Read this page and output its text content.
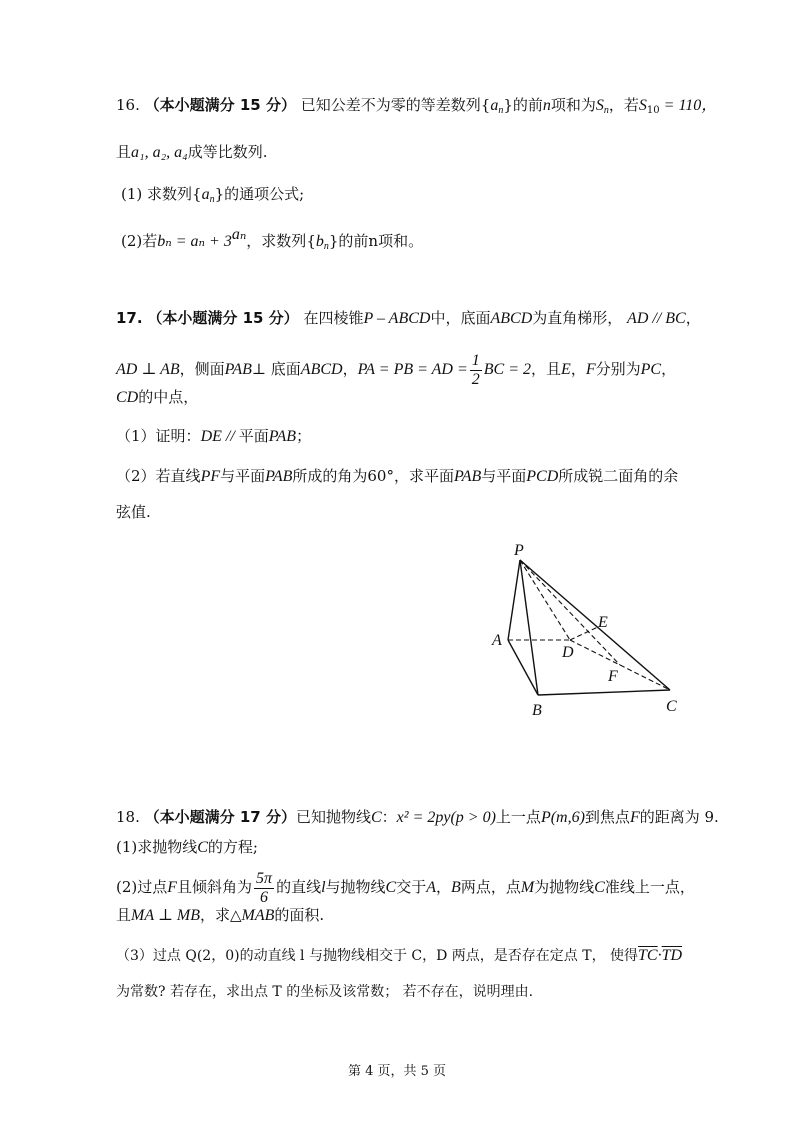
16. （本小题满分 15 分） 已知公差不为零的等差数列$\{a_n\}$的前n项和为$S_n$，若$S_{10} = 110$，
且a₁, a₂, a₄成等比数列.
(1) 求数列$\{a_n\}$的通项公式;
(2)若$b_n = a_n + 3^{a_n}$，求数列$\{b_n\}$的前n项和。
17. （本小题满分 15 分） 在四棱锥P – ABCD中，底面ABCD为直角梯形， AD // BC，
AD ⊥ AB，侧面PAB⊥ 底面ABCD，PA = PB = AD = $\frac{1}{2}$ BC = 2，且E，F分别为PC，
CD的中点，
（1）证明：DE // 平面PAB；
（2）若直线PF与平面PAB所成的角为60°，求平面PAB与平面PCD所成锐二面角的余
弦值.
P
A
B	C
D
E
F
18. （本小题满分 17 分）已知抛物线C：x² = 2py(p > 0)上一点P(m,6)到焦点F的距离为 9.
(1)求抛物线C的方程;
(2)过点F且倾斜角为 $\frac{5\pi}{6}$ 的直线l与抛物线C交于A，B两点，点M为抛物线C准线上一点，
且MA ⊥ MB，求△MAB的面积.
（3）过点 Q(2，0)的动直线 l 与抛物线相交于 C，D 两点，是否存在定点 T， 使得$\overline{TC}\cdot\overline{TD}$
为常数? 若存在，求出点 T 的坐标及该常数； 若不存在，说明理由.
第 4 页，共 5 页
